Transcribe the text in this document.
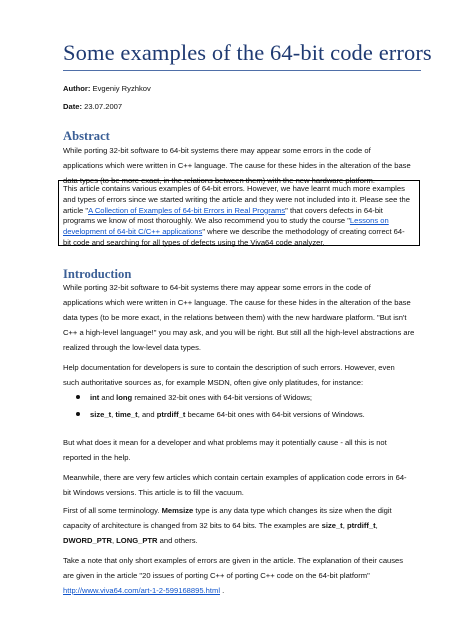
Some examples of the 64-bit code errors
Author: Evgeniy Ryzhkov
Date: 23.07.2007
Abstract
While porting 32-bit software to 64-bit systems there may appear some errors in the code of
applications which were written in C++ language. The cause for these hides in the alteration of the base
data types (to be more exact, in the relations between them) with the new hardware platform.
This article contains various examples of 64-bit errors. However, we have learnt much more examples
and types of errors since we started writing the article and they were not included into it. Please see the
article "A Collection of Examples of 64-bit Errors in Real Programs" that covers defects in 64-bit
programs we know of most thoroughly. We also recommend you to study the course "Lessons on
development of 64-bit C/C++ applications" where we describe the methodology of creating correct 64-
bit code and searching for all types of defects using the Viva64 code analyzer.
Introduction
While porting 32-bit software to 64-bit systems there may appear some errors in the code of
applications which were written in C++ language. The cause for these hides in the alteration of the base
data types (to be more exact, in the relations between them) with the new hardware platform. "But isn't
C++ a high-level language!" you may ask, and you will be right. But still all the high-level abstractions are
realized through the low-level data types.
Help documentation for developers is sure to contain the description of such errors. However, even
such authoritative sources as, for example MSDN, often give only platitudes, for instance:
int and long remained 32-bit ones with 64-bit versions of Widows;
size_t, time_t, and ptrdiff_t became 64-bit ones with 64-bit versions of Windows.
But what does it mean for a developer and what problems may it potentially cause - all this is not
reported in the help.
Meanwhile, there are very few articles which contain certain examples of application code errors in 64-
bit Windows versions. This article is to fill the vacuum.
First of all some terminology. Memsize type is any data type which changes its size when the digit
capacity of architecture is changed from 32 bits to 64 bits. The examples are size_t, ptrdiff_t,
DWORD_PTR, LONG_PTR and others.
Take a note that only short examples of errors are given in the article. The explanation of their causes
are given in the article "20 issues of porting C++ of porting C++ code on the 64-bit platform"
http://www.viva64.com/art-1-2-599168895.html .
